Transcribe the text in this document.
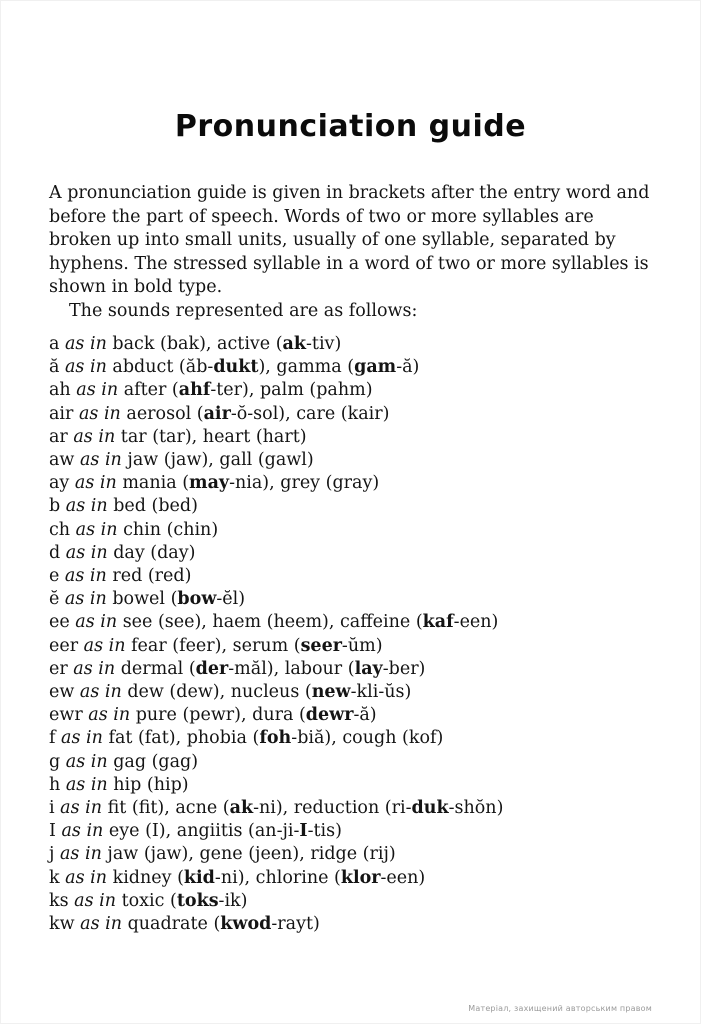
Pronunciation guide

A pronunciation guide is given in brackets after the entry word and before the part of speech. Words of two or more syllables are broken up into small units, usually of one syllable, separated by hyphens. The stressed syllable in a word of two or more syllables is shown in bold type.

The sounds represented are as follows:

a as in back (bak), active (ak-tiv)
ă as in abduct (ăb-dukt), gamma (gam-ă)
ah as in after (ahf-ter), palm (pahm)
air as in aerosol (air-ŏ-sol), care (kair)
ar as in tar (tar), heart (hart)
aw as in jaw (jaw), gall (gawl)
ay as in mania (may-nia), grey (gray)
b as in bed (bed)
ch as in chin (chin)
d as in day (day)
e as in red (red)
ĕ as in bowel (bow-ĕl)
ee as in see (see), haem (heem), caffeine (kaf-een)
eer as in fear (feer), serum (seer-ŭm)
er as in dermal (der-măl), labour (lay-ber)
ew as in dew (dew), nucleus (new-kli-ŭs)
ewr as in pure (pewr), dura (dewr-ă)
f as in fat (fat), phobia (foh-biă), cough (kof)
g as in gag (gag)
h as in hip (hip)
i as in fit (fit), acne (ak-ni), reduction (ri-duk-shŏn)
I as in eye (I), angiitis (an-ji-I-tis)
j as in jaw (jaw), gene (jeen), ridge (rij)
k as in kidney (kid-ni), chlorine (klor-een)
ks as in toxic (toks-ik)
kw as in quadrate (kwod-rayt)
Матеріал, захищений авторським правом
